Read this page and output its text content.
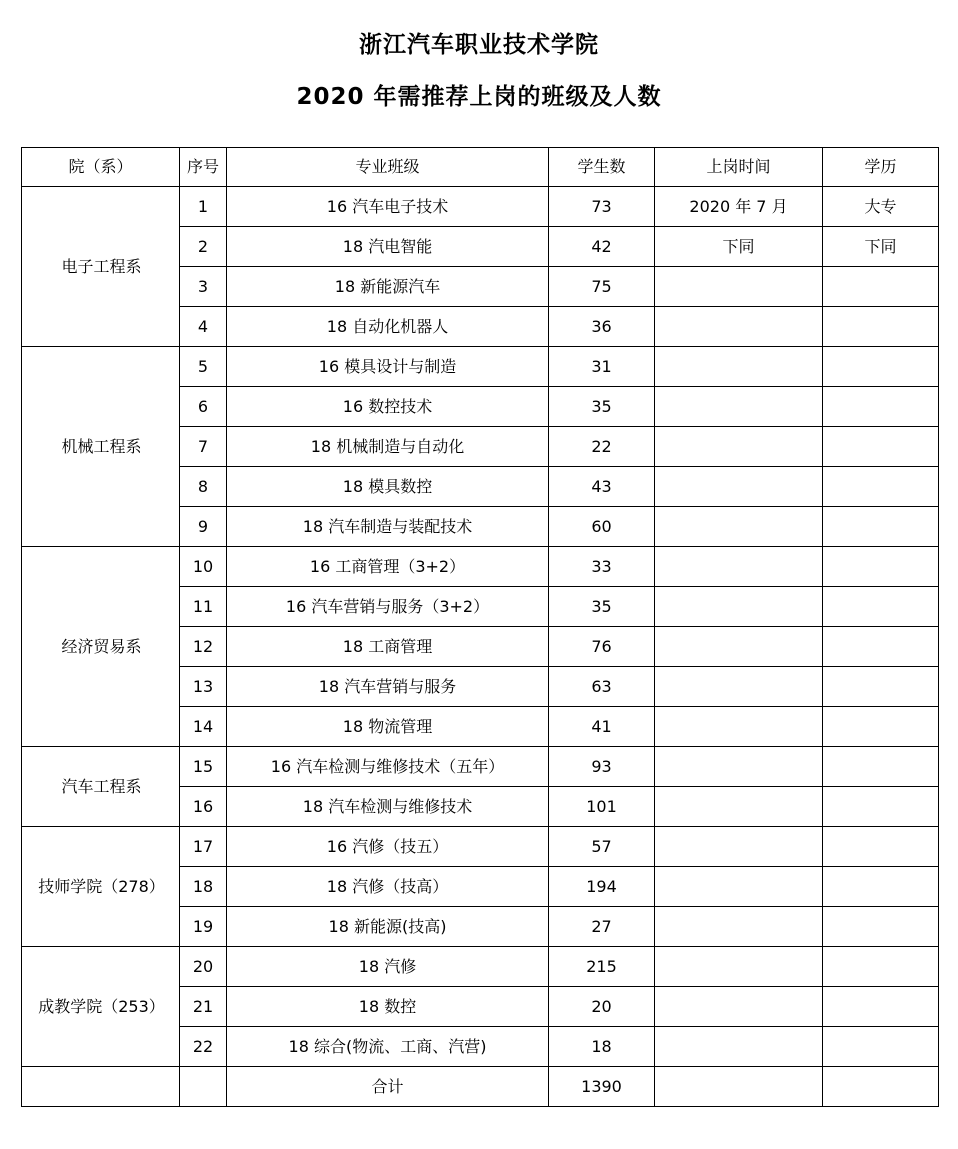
浙江汽车职业技术学院
2020 年需推荐上岗的班级及人数
院（系）	序号	专业班级	学生数	上岗时间	学历
电子工程系	1	16 汽车电子技术	73	2020 年 7 月	大专
	2	18 汽电智能	42	下同	下同
	3	18 新能源汽车	75		
	4	18 自动化机器人	36		
机械工程系	5	16 模具设计与制造	31		
	6	16 数控技术	35		
	7	18 机械制造与自动化	22		
	8	18 模具数控	43		
	9	18 汽车制造与装配技术	60		
经济贸易系	10	16 工商管理（3+2）	33		
	11	16 汽车营销与服务（3+2）	35		
	12	18 工商管理	76		
	13	18 汽车营销与服务	63		
	14	18 物流管理	41		
汽车工程系	15	16 汽车检测与维修技术（五年）	93		
	16	18 汽车检测与维修技术	101		
技师学院（278）	17	16 汽修（技五）	57		
	18	18 汽修（技高）	194		
	19	18 新能源(技高)	27		
成教学院（253）	20	18 汽修	215		
	21	18 数控	20		
	22	18 综合(物流、工商、汽营)	18		
		合计	1390		
